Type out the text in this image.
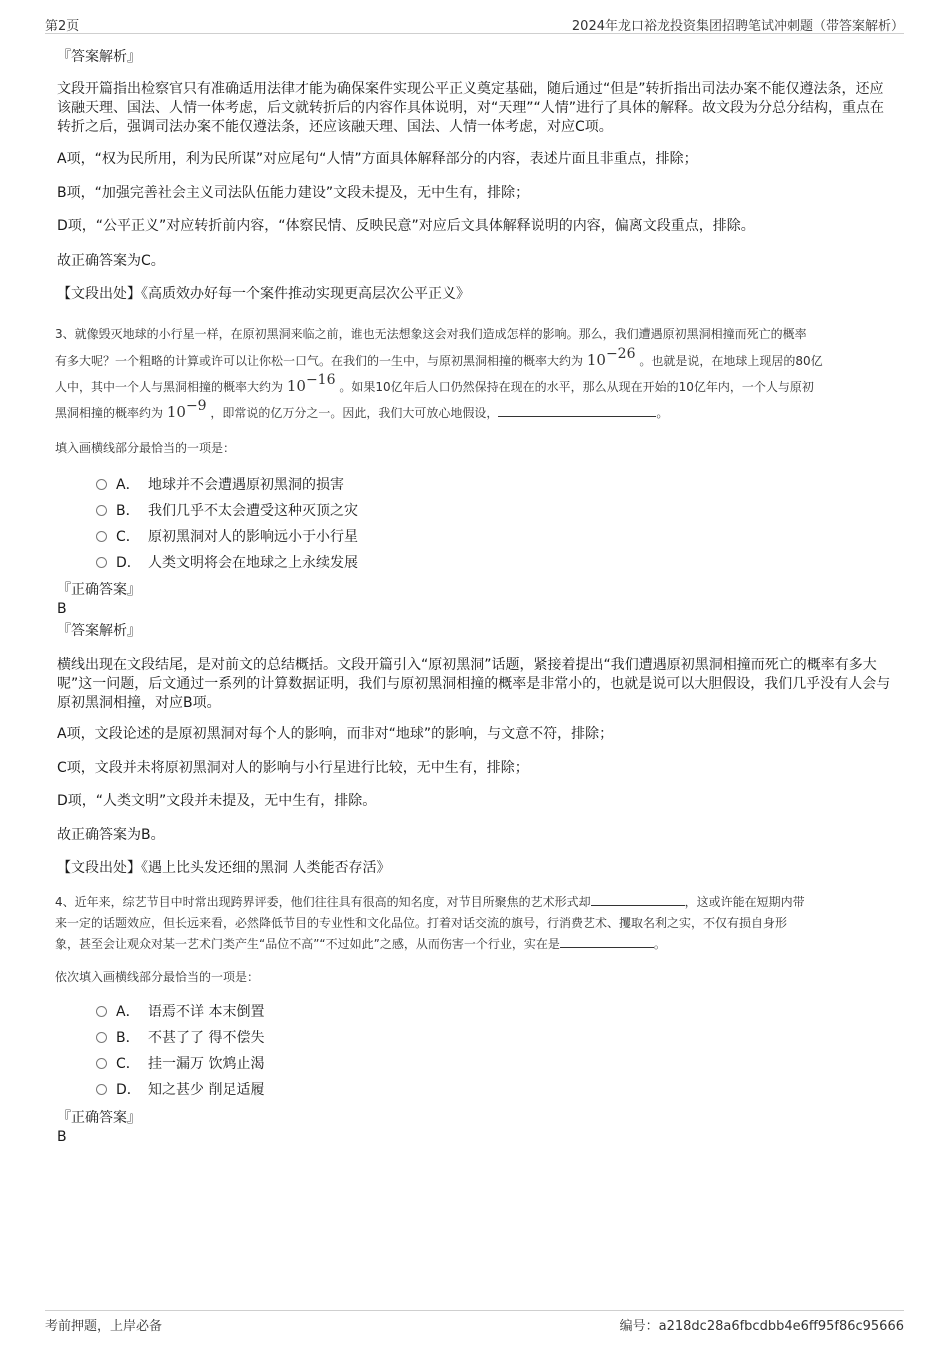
第2页	2024年龙口裕龙投资集团招聘笔试冲刺题（带答案解析）
『答案解析』
文段开篇指出检察官只有准确适用法律才能为确保案件实现公平正义奠定基础，随后通过“但是”转折指出司法办案不能仅遵法条，还应该融天理、国法、人情一体考虑，后文就转折后的内容作具体说明，对“天理”“人情”进行了具体的解释。故文段为分总分结构，重点在转折之后，强调司法办案不能仅遵法条，还应该融天理、国法、人情一体考虑，对应C项。
A项，“权为民所用，利为民所谋”对应尾句“人情”方面具体解释部分的内容，表述片面且非重点，排除；
B项，“加强完善社会主义司法队伍能力建设”文段未提及，无中生有，排除；
D项，“公平正义”对应转折前内容，“体察民情、反映民意”对应后文具体解释说明的内容，偏离文段重点，排除。
故正确答案为C。
【文段出处】《高质效办好每一个案件推动实现更高层次公平正义》
3、就像毁灭地球的小行星一样，在原初黑洞来临之前，谁也无法想象这会对我们造成怎样的影响。那么，我们遭遇原初黑洞相撞而死亡的概率
有多大呢？一个粗略的计算或许可以让你松一口气。在我们的一生中，与原初黑洞相撞的概率大约为 10−26 。也就是说，在地球上现居的80亿
人中，其中一个人与黑洞相撞的概率大约为 10−16 。如果10亿年后人口仍然保持在现在的水平，那么从现在开始的10亿年内，一个人与原初
黑洞相撞的概率约为 10−9 ，即常说的亿万分之一。因此，我们大可放心地假设，	。
填入画横线部分最恰当的一项是：
A． 地球并不会遭遇原初黑洞的损害
B． 我们几乎不太会遭受这种灭顶之灾
C． 原初黑洞对人的影响远小于小行星
D． 人类文明将会在地球之上永续发展
『正确答案』
B
『答案解析』
横线出现在文段结尾，是对前文的总结概括。文段开篇引入“原初黑洞”话题，紧接着提出“我们遭遇原初黑洞相撞而死亡的概率有多大呢”这一问题，后文通过一系列的计算数据证明，我们与原初黑洞相撞的概率是非常小的，也就是说可以大胆假设，我们几乎没有人会与原初黑洞相撞，对应B项。
A项，文段论述的是原初黑洞对每个人的影响，而非对“地球”的影响，与文意不符，排除；
C项，文段并未将原初黑洞对人的影响与小行星进行比较，无中生有，排除；
D项，“人类文明”文段并未提及，无中生有，排除。
故正确答案为B。
【文段出处】《遇上比头发还细的黑洞 人类能否存活》
4、近年来，综艺节目中时常出现跨界评委，他们往往具有很高的知名度，对节目所聚焦的艺术形式却	，这或许能在短期内带
来一定的话题效应，但长远来看，必然降低节目的专业性和文化品位。打着对话交流的旗号，行消费艺术、攫取名利之实，不仅有损自身形
象，甚至会让观众对某一艺术门类产生“品位不高”“不过如此”之感，从而伤害一个行业，实在是	。
依次填入画横线部分最恰当的一项是：
A． 语焉不详 本末倒置
B． 不甚了了 得不偿失
C． 挂一漏万 饮鸩止渴
D． 知之甚少 削足适履
『正确答案』
B
考前押题，上岸必备	编号：a218dc28a6fbcdbb4e6ff95f86c95666
